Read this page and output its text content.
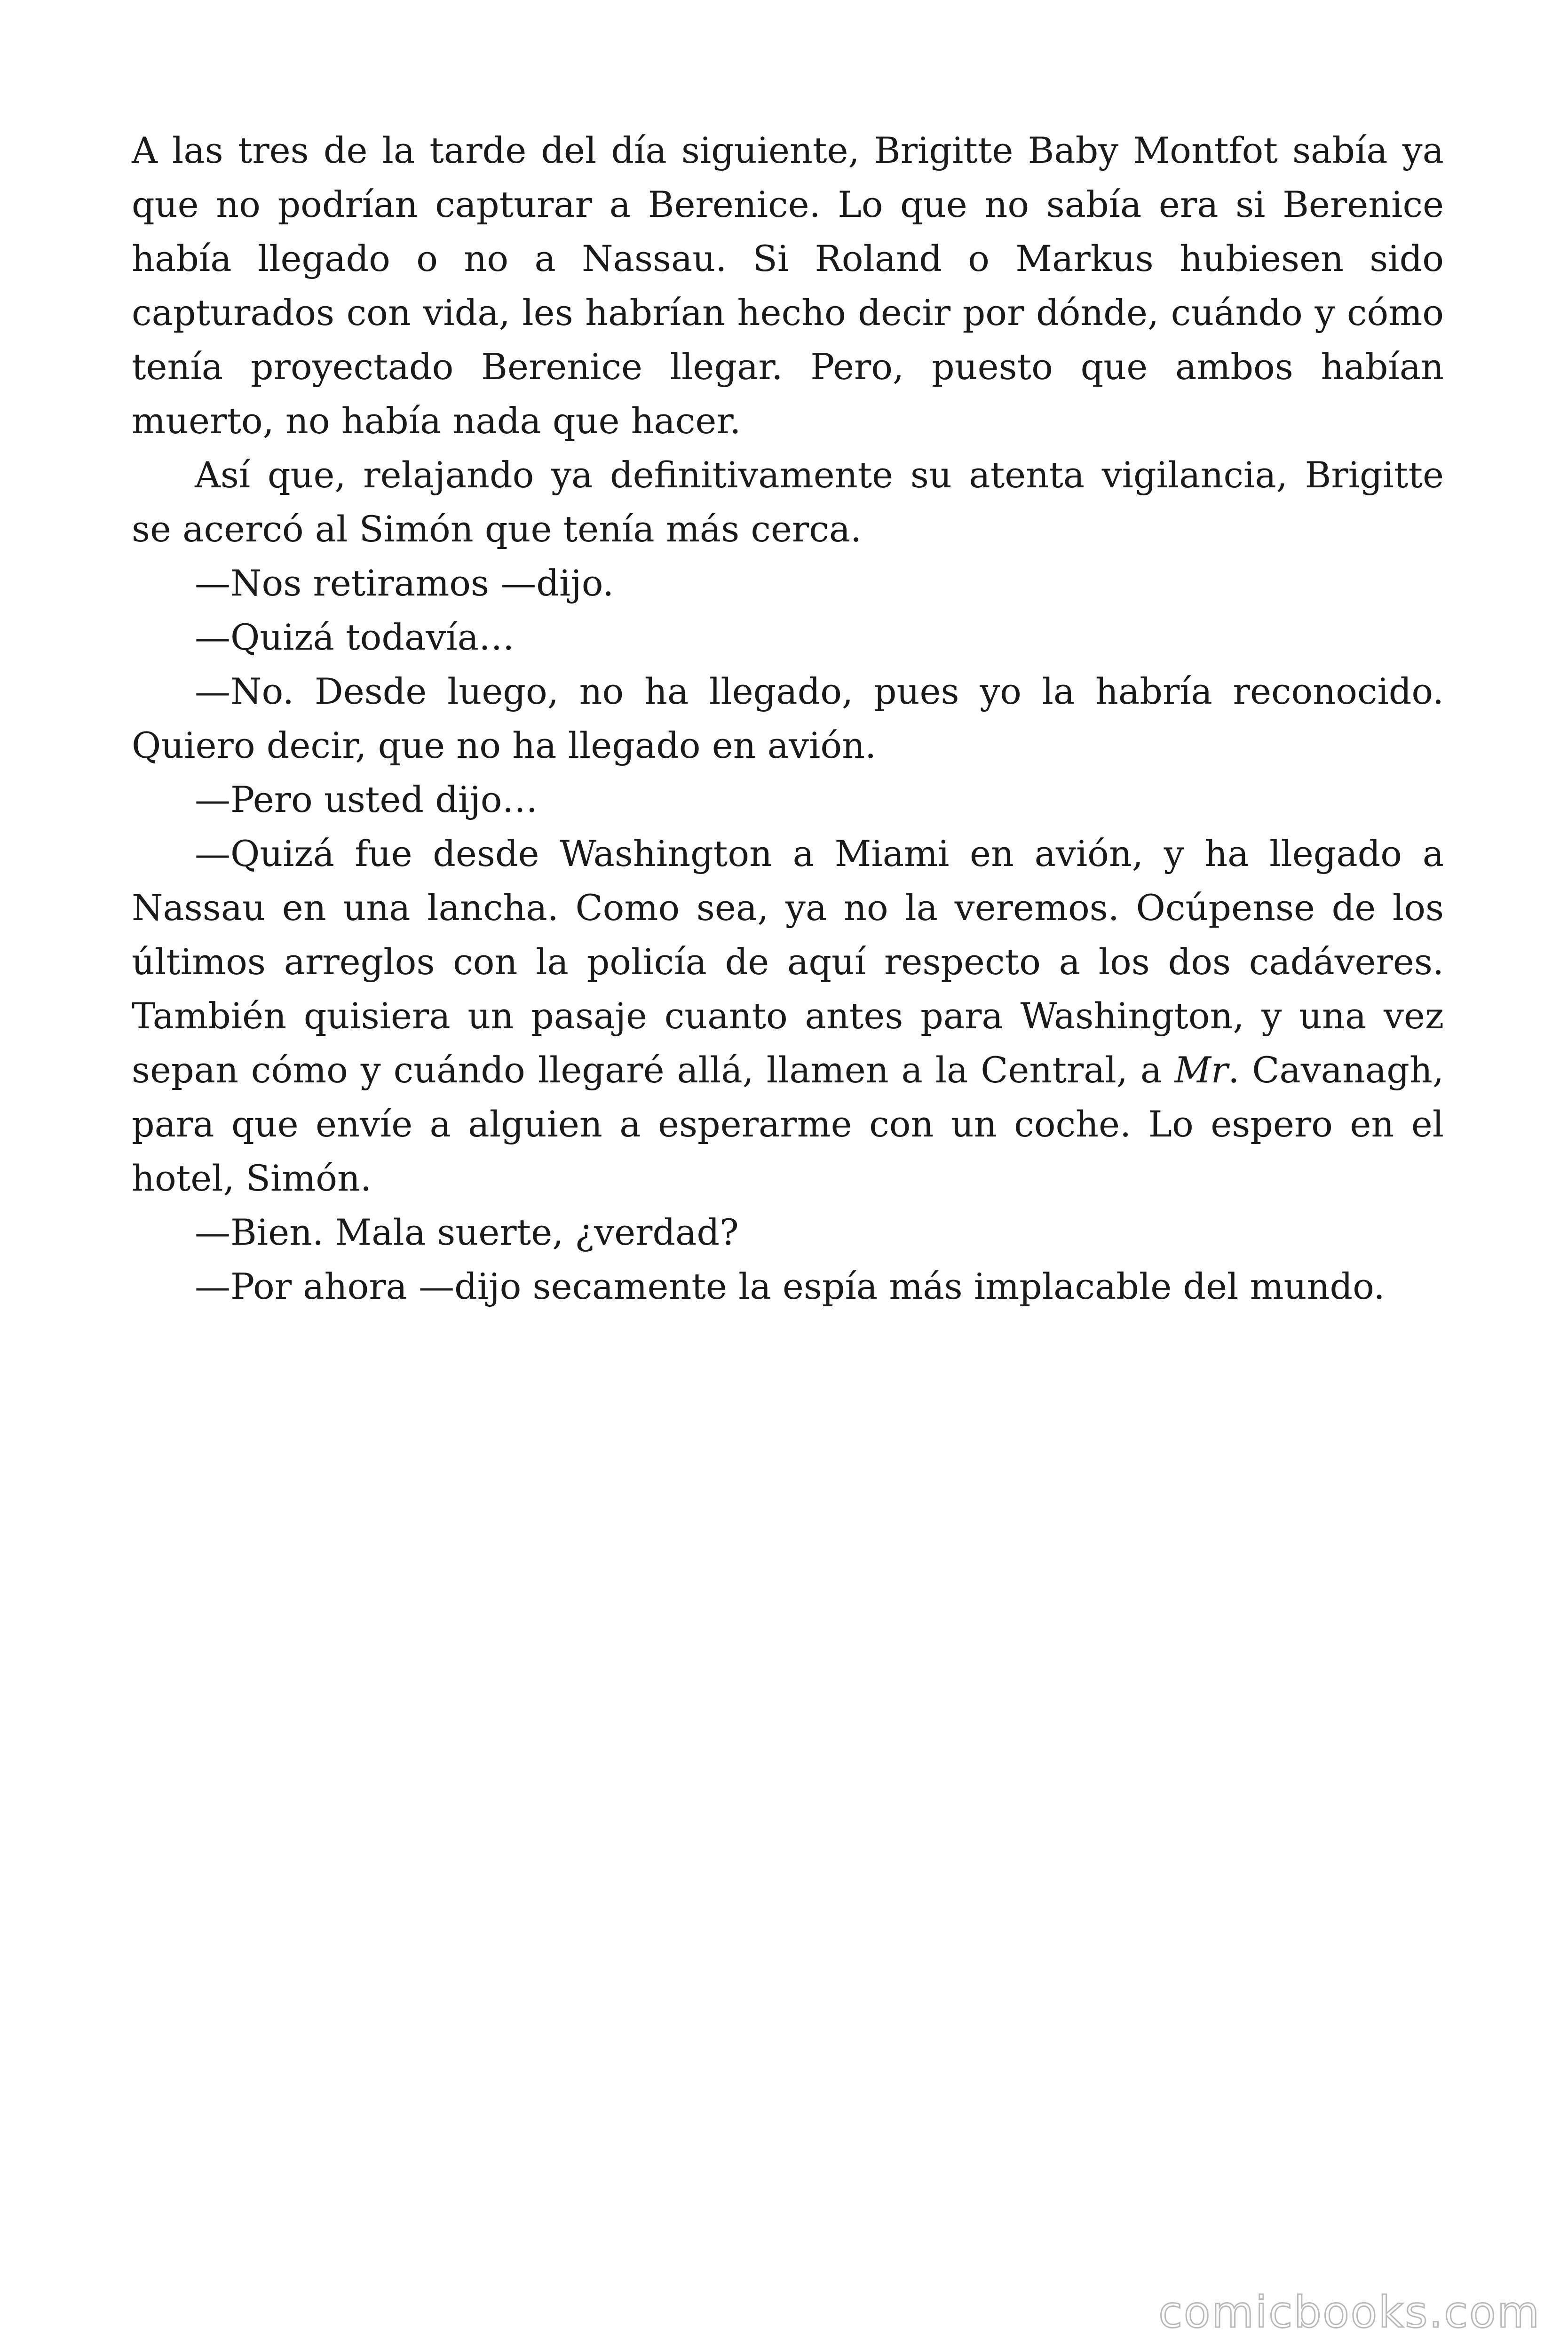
A las tres de la tarde del día siguiente, Brigitte Baby Montfot sabía ya que no podrían capturar a Berenice. Lo que no sabía era si Berenice había llegado o no a Nassau. Si Roland o Markus hubiesen sido capturados con vida, les habrían hecho decir por dónde, cuándo y cómo tenía proyectado Berenice llegar. Pero, puesto que ambos habían muerto, no había nada que hacer.

Así que, relajando ya definitivamente su atenta vigilancia, Brigitte se acercó al Simón que tenía más cerca.

—Nos retiramos —dijo.

—Quizá todavía…

—No. Desde luego, no ha llegado, pues yo la habría reconocido. Quiero decir, que no ha llegado en avión.

—Pero usted dijo…

—Quizá fue desde Washington a Miami en avión, y ha llegado a Nassau en una lancha. Como sea, ya no la veremos. Ocúpense de los últimos arreglos con la policía de aquí respecto a los dos cadáveres. También quisiera un pasaje cuanto antes para Washington, y una vez sepan cómo y cuándo llegaré allá, llamen a la Central, a Mr. Cavanagh, para que envíe a alguien a esperarme con un coche. Lo espero en el hotel, Simón.

—Bien. Mala suerte, ¿verdad?

—Por ahora —dijo secamente la espía más implacable del mundo.

comicbooks.com
